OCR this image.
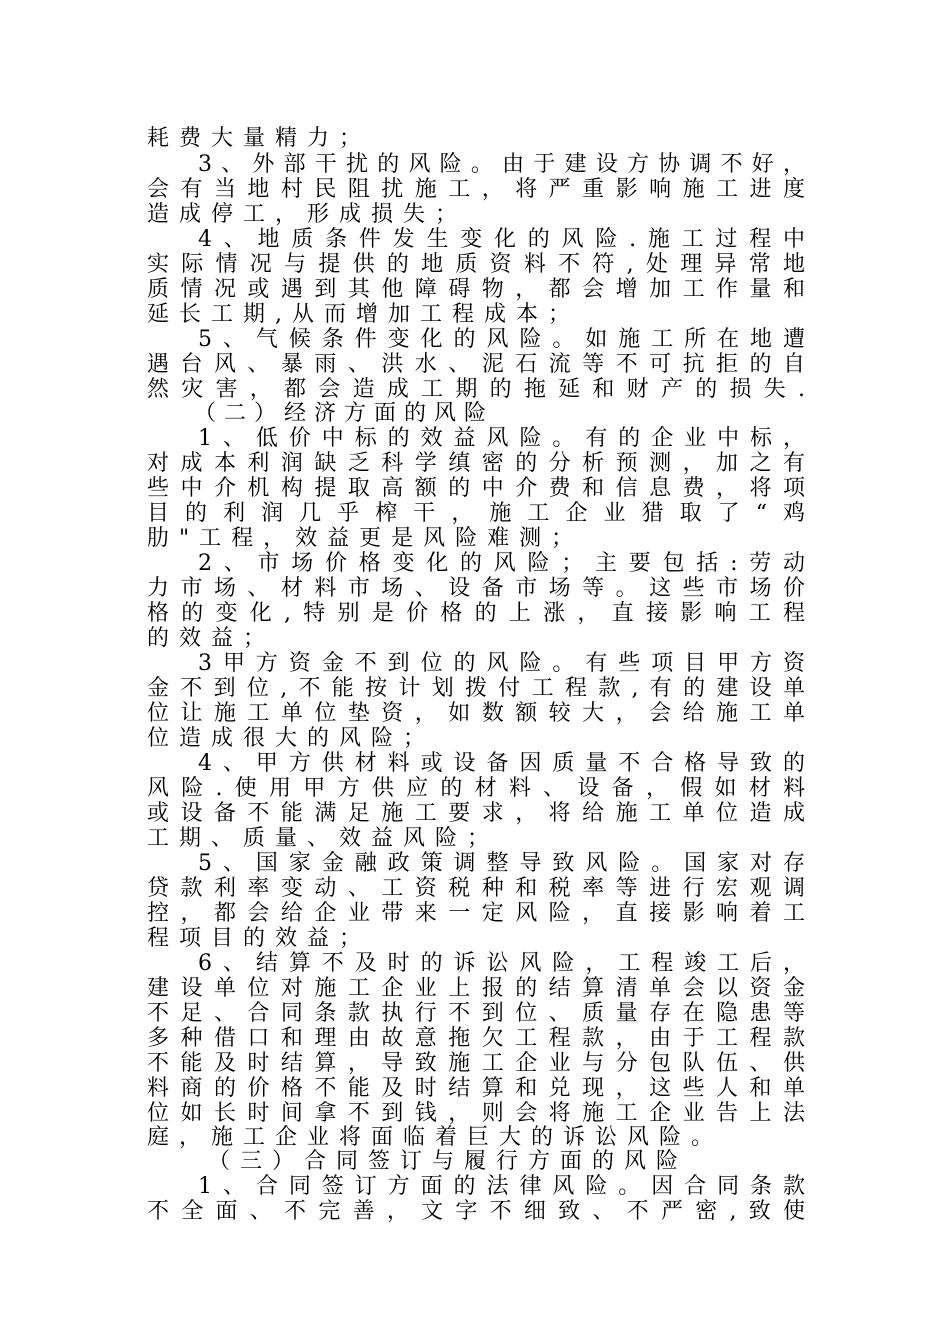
耗费大量精力；
3、外部干扰的风险。由于建设方协调不好，
会有当地村民阻扰施工，将严重影响施工进度
造成停工，形成损失；
4、地质条件发生变化的风险.施工过程中
实际情况与提供的地质资料不符,处理异常地
质情况或遇到其他障碍物，都会增加工作量和
延长工期,从而增加工程成本；
5、气候条件变化的风险。如施工所在地遭
遇台风、暴雨、洪水、泥石流等不可抗拒的自
然灾害，都会造成工期的拖延和财产的损失.
（二）经济方面的风险
1、低价中标的效益风险。有的企业中标，
对成本利润缺乏科学缜密的分析预测，加之有
些中介机构提取高额的中介费和信息费，将项
目的利润几乎榨干，施工企业猎取了“鸡
肋"工程，效益更是风险难测；
2、市场价格变化的风险；主要包括:劳动
力市场、材料市场、设备市场等。这些市场价
格的变化,特别是价格的上涨，直接影响工程
的效益；
3甲方资金不到位的风险。有些项目甲方资
金不到位,不能按计划拨付工程款,有的建设单
位让施工单位垫资，如数额较大，会给施工单
位造成很大的风险；
4、甲方供材料或设备因质量不合格导致的
风险.使用甲方供应的材料、设备，假如材料
或设备不能满足施工要求，将给施工单位造成
工期、质量、效益风险；
5、国家金融政策调整导致风险。国家对存
贷款利率变动、工资税种和税率等进行宏观调
控，都会给企业带来一定风险，直接影响着工
程项目的效益；
6、结算不及时的诉讼风险，工程竣工后，
建设单位对施工企业上报的结算清单会以资金
不足、合同条款执行不到位、质量存在隐患等
多种借口和理由故意拖欠工程款，由于工程款
不能及时结算，导致施工企业与分包队伍、供
料商的价格不能及时结算和兑现，这些人和单
位如长时间拿不到钱，则会将施工企业告上法
庭，施工企业将面临着巨大的诉讼风险。
（三）合同签订与履行方面的风险
1、合同签订方面的法律风险。因合同条款
不全面、不完善，文字不细致、不严密,致使
